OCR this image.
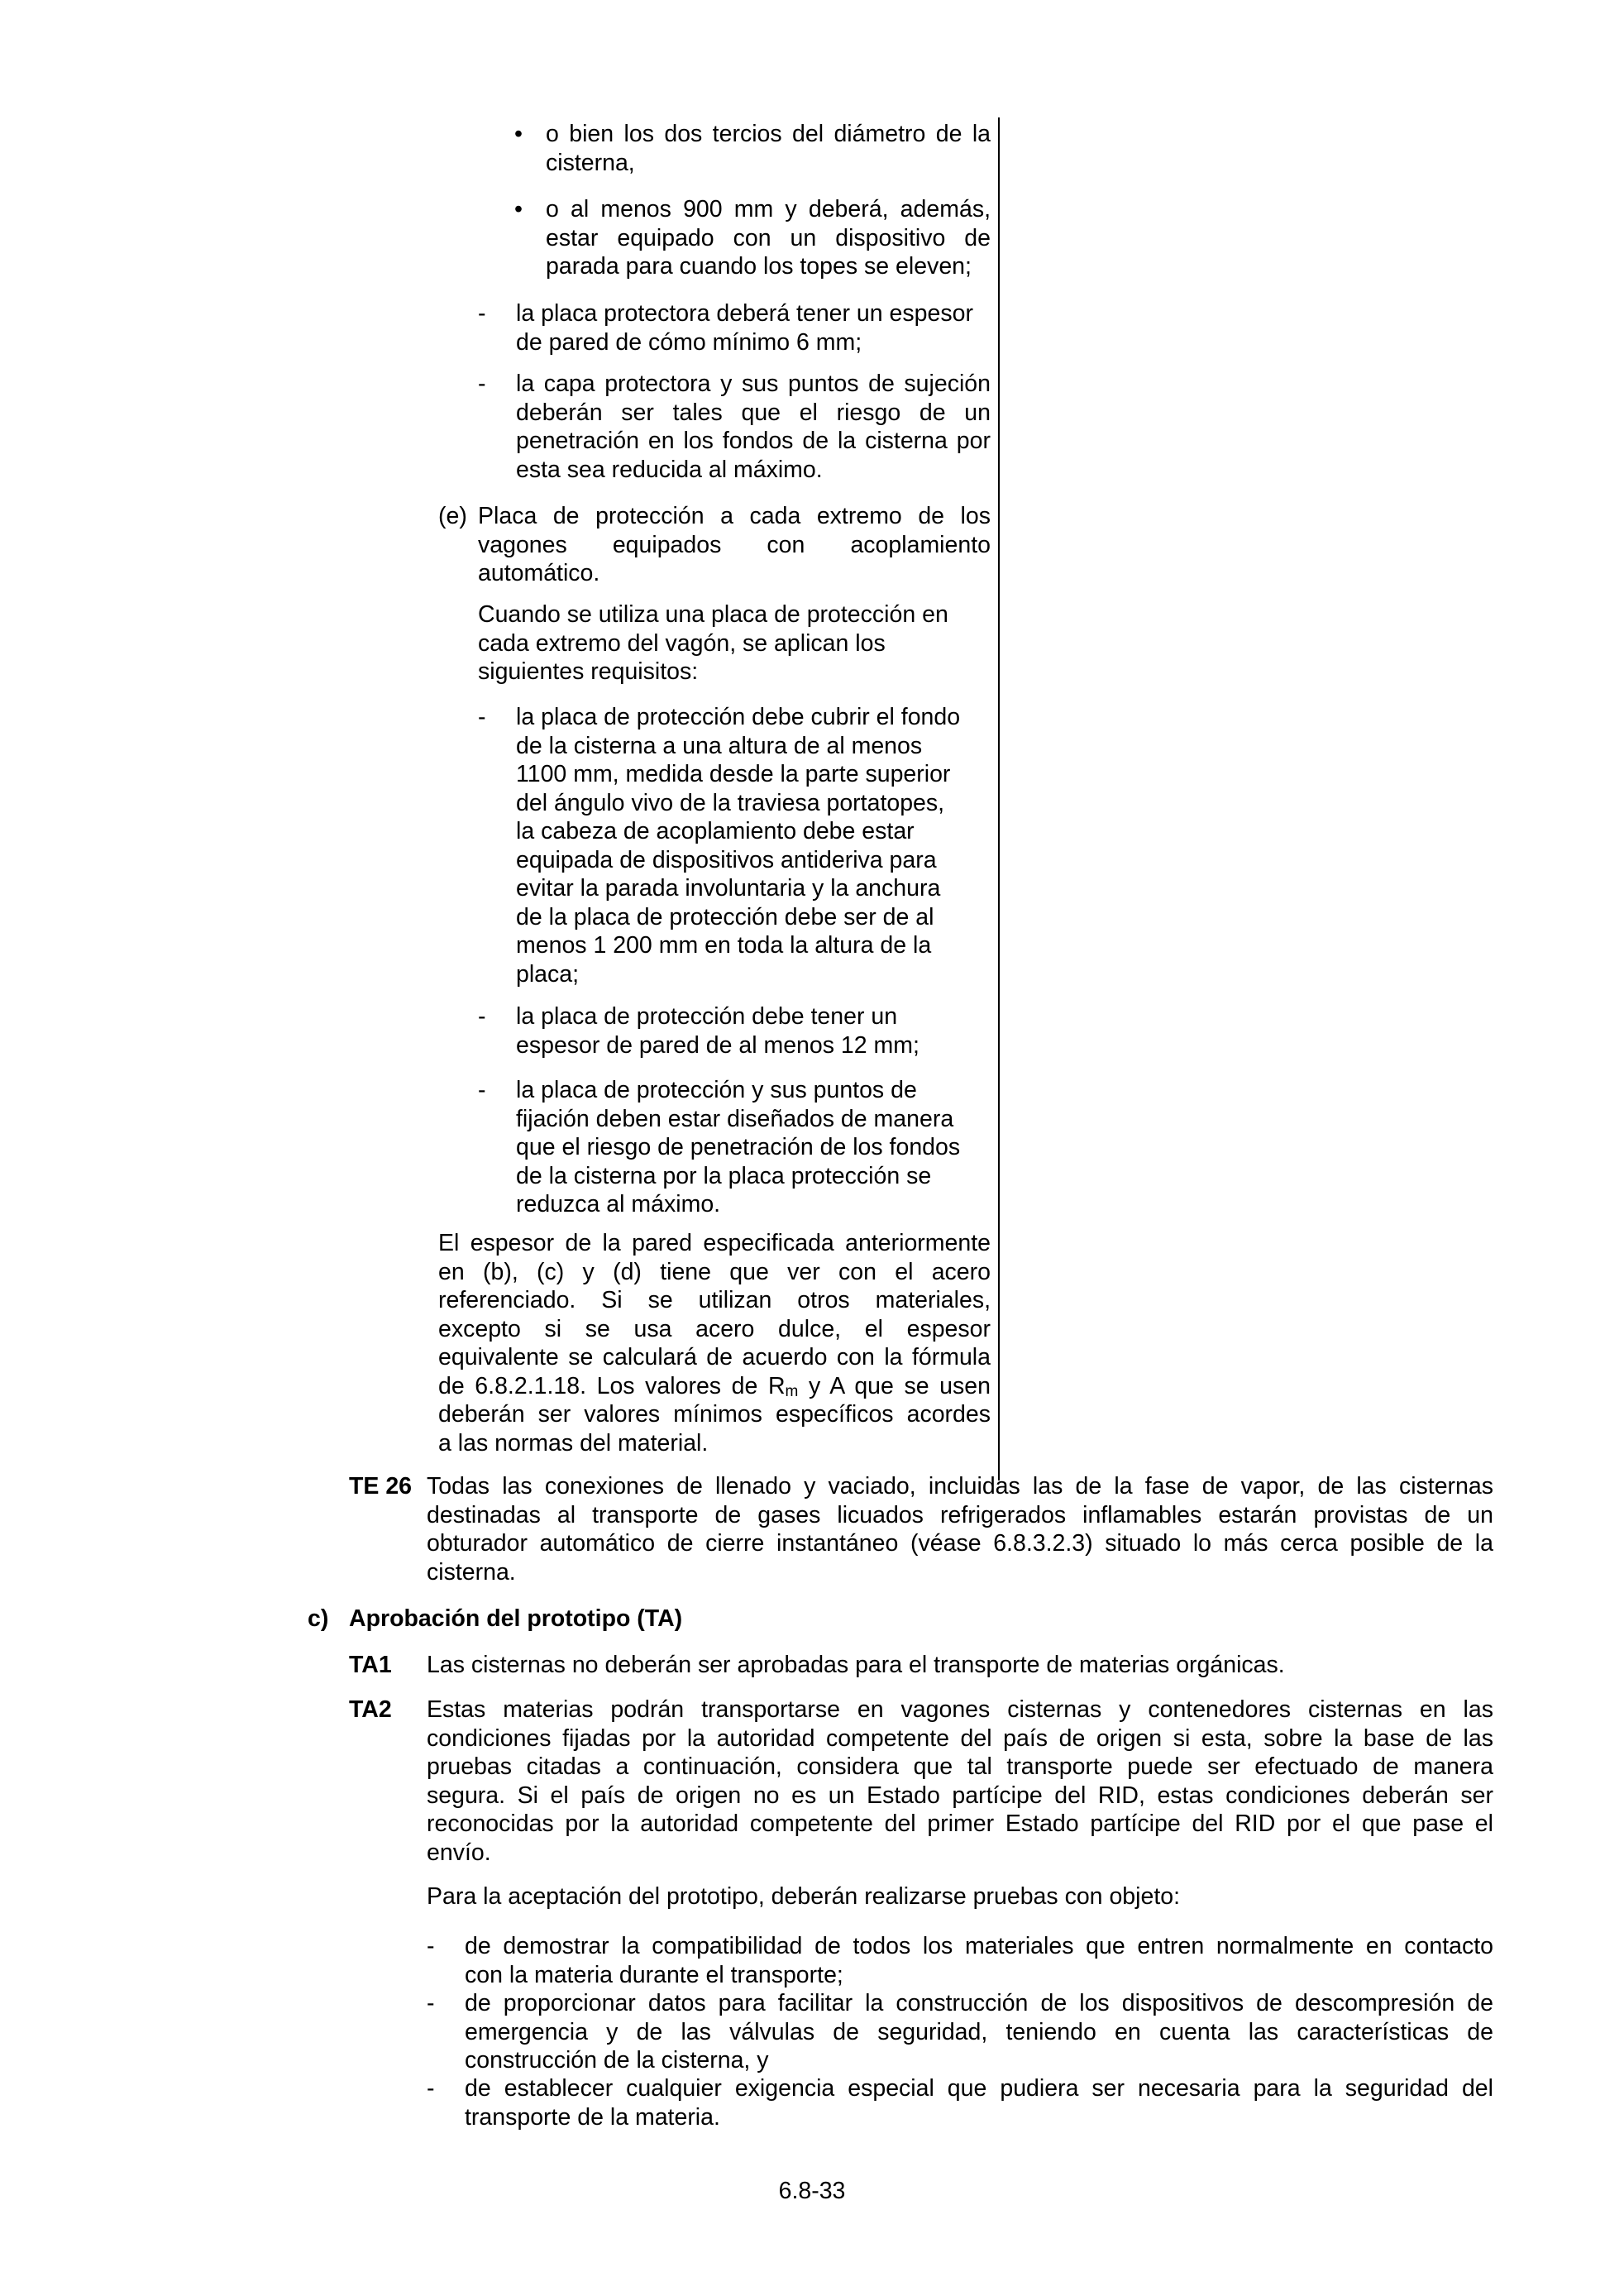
• o bien los dos tercios del diámetro de la
cisterna,
• o al menos 900 mm y deberá, además,
estar equipado con un dispositivo de
parada para cuando los topes se eleven;
- la placa protectora deberá tener un espesor
de pared de cómo mínimo 6 mm;
- la capa protectora y sus puntos de sujeción
deberán ser tales que el riesgo de un
penetración en los fondos de la cisterna por
esta sea reducida al máximo.
(e) Placa de protección a cada extremo de los
vagones equipados con acoplamiento
automático.
Cuando se utiliza una placa de protección en
cada extremo del vagón, se aplican los
siguientes requisitos:
- la placa de protección debe cubrir el fondo
de la cisterna a una altura de al menos
1100 mm, medida desde la parte superior
del ángulo vivo de la traviesa portatopes,
la cabeza de acoplamiento debe estar
equipada de dispositivos antideriva para
evitar la parada involuntaria y la anchura
de la placa de protección debe ser de al
menos 1 200 mm en toda la altura de la
placa;
- la placa de protección debe tener un
espesor de pared de al menos 12 mm;
- la placa de protección y sus puntos de
fijación deben estar diseñados de manera
que el riesgo de penetración de los fondos
de la cisterna por la placa protección se
reduzca al máximo.
El espesor de la pared especificada anteriormente
en (b), (c) y (d) tiene que ver con el acero
referenciado. Si se utilizan otros materiales,
excepto si se usa acero dulce, el espesor
equivalente se calculará de acuerdo con la fórmula
de 6.8.2.1.18. Los valores de $R_m$ y A que se usen
deberán ser valores mínimos específicos acordes
a las normas del material.
TE 26 Todas las conexiones de llenado y vaciado, incluidas las de la fase de vapor, de las cisternas
destinadas al transporte de gases licuados refrigerados inflamables estarán provistas de un
obturador automático de cierre instantáneo (véase 6.8.3.2.3) situado lo más cerca posible de la
cisterna.
c) Aprobación del prototipo (TA)
TA1 Las cisternas no deberán ser aprobadas para el transporte de materias orgánicas.
TA2 Estas materias podrán transportarse en vagones cisternas y contenedores cisternas en las
condiciones fijadas por la autoridad competente del país de origen si esta, sobre la base de las
pruebas citadas a continuación, considera que tal transporte puede ser efectuado de manera
segura. Si el país de origen no es un Estado partícipe del RID, estas condiciones deberán ser
reconocidas por la autoridad competente del primer Estado partícipe del RID por el que pase el
envío.
Para la aceptación del prototipo, deberán realizarse pruebas con objeto:
- de demostrar la compatibilidad de todos los materiales que entren normalmente en contacto
con la materia durante el transporte;
- de proporcionar datos para facilitar la construcción de los dispositivos de descompresión de
emergencia y de las válvulas de seguridad, teniendo en cuenta las características de
construcción de la cisterna, y
- de establecer cualquier exigencia especial que pudiera ser necesaria para la seguridad del
transporte de la materia.
6.8-33
